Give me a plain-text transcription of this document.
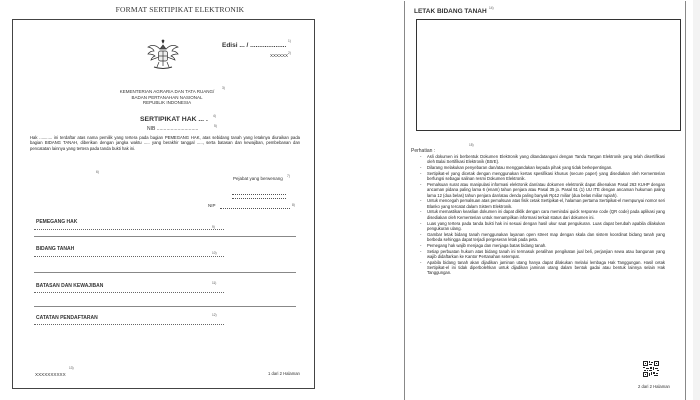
FORMAT SERTIPIKAT ELEKTRONIK
Edisi ... / ....................
1)
XXXXXX 2)
KEMENTERIAN AGRARIA DAN TATA RUANG/
BADAN PERTANAHAN NASIONAL
REPUBLIK INDONESIA
3)
SERTIPIKAT HAK ... . 4)
NIB ..............................	5)
Hak ........... ini terdaftar atas nama pemilik yang tertera pada bagian PEMEGANG HAK, atas sebidang tanah yang letaknya diuraikan pada bagian BIDANG TANAH, diberikan dengan jangka waktu ..... yang berakhir tanggal ....., serta batasan dan kewajiban, pembebanan dan pencatatan lainnya yang tertera pada tanda bukti hak ini.
6)
Pejabat yang berwenang 7)
NIP	8)
PEMEGANG HAK
9)
BIDANG TANAH
10)
BATASAN DAN KEWAJIBAN	11)
CATATAN PENDAFTARAN	12)
XXXXXXXXXX
13)
1 dari 2 Halaman
LETAK BIDANG TANAH 14)
Perhatian :
15)
- Asli dokumen ini berbentuk Dokumen Elektronik yang ditandatangani dengan Tanda Tangan Elektronik yang telah disertifikasi oleh Balai Sertifikasi Elektronik (BSrE).
- Dilarang melakukan penyebaran dan/atau menggandakan kepada pihak yang tidak berkepentingan.
- Sertipikat-el yang dicetak dengan menggunakan kertas spesifikasi khusus (secure paper) yang disediakan oleh Kementerian berfungsi sebagai salinan resmi Dokumen Elektronik.
- Pemalsuan surat atau manipulasi informasi elektronik dan/atau dokumen elektronik dapat dikenakan Pasal 263 KUHP dengan ancaman pidana paling lama 6 (enam) tahun penjara atau Pasal 35 jo. Pasal 51 (1) UU ITE dengan ancaman hukuman paling lama 12 (dua belas) tahun penjara dan/atau denda paling banyak Rp12 miliar (dua belas miliar rupiah).
- Untuk mencegah pemalsuan atas pemalsuan atas fisik cetak Sertipikat-el, halaman pertama Sertipikat-el mempunyai nomor seri Blanko yang tercatat dalam Sistem Elektronik.
- Untuk memastikan keaslian dokumen ini dapat diklik dengan cara memindai quick response code (QR code) pada aplikasi yang disediakan oleh Kementerian untuk menampilkan informasi terkait status dari dokumen ini.
- Luas yang tertera pada tanda bukti hak ini sesuai dengan hasil ukur saat pengukuran. Luas dapat berubah apabila dilakukan pengukuran ulang.
- Gambar letak bidang tanah menggunakan layanan open street map dengan skala dan sistem koordinat bidang tanah yang berbeda sehingga dapat terjadi pergeseran letak pada peta.
- Pemegang hak wajib menjaga dan menjaga batas bidang tanah.
- Setiap perbuatan hukum atas bidang tanah ini termasuk peralihan pengikatan jual beli, perjanjian sewa atau bangunan yang wajib didaftarkan ke Kantor Pertanahan setempat.
- Apabila bidang tanah akan dijadikan jaminan utang hanya dapat dilakukan melalui lembaga Hak Tanggungan. Hasil cetak Sertipikat-el ini tidak diperbolehkan untuk dijadikan jaminan utang dalam bentuk gadai atau bentuk lainnya selain Hak Tanggungan.
2 dari 2 Halaman
